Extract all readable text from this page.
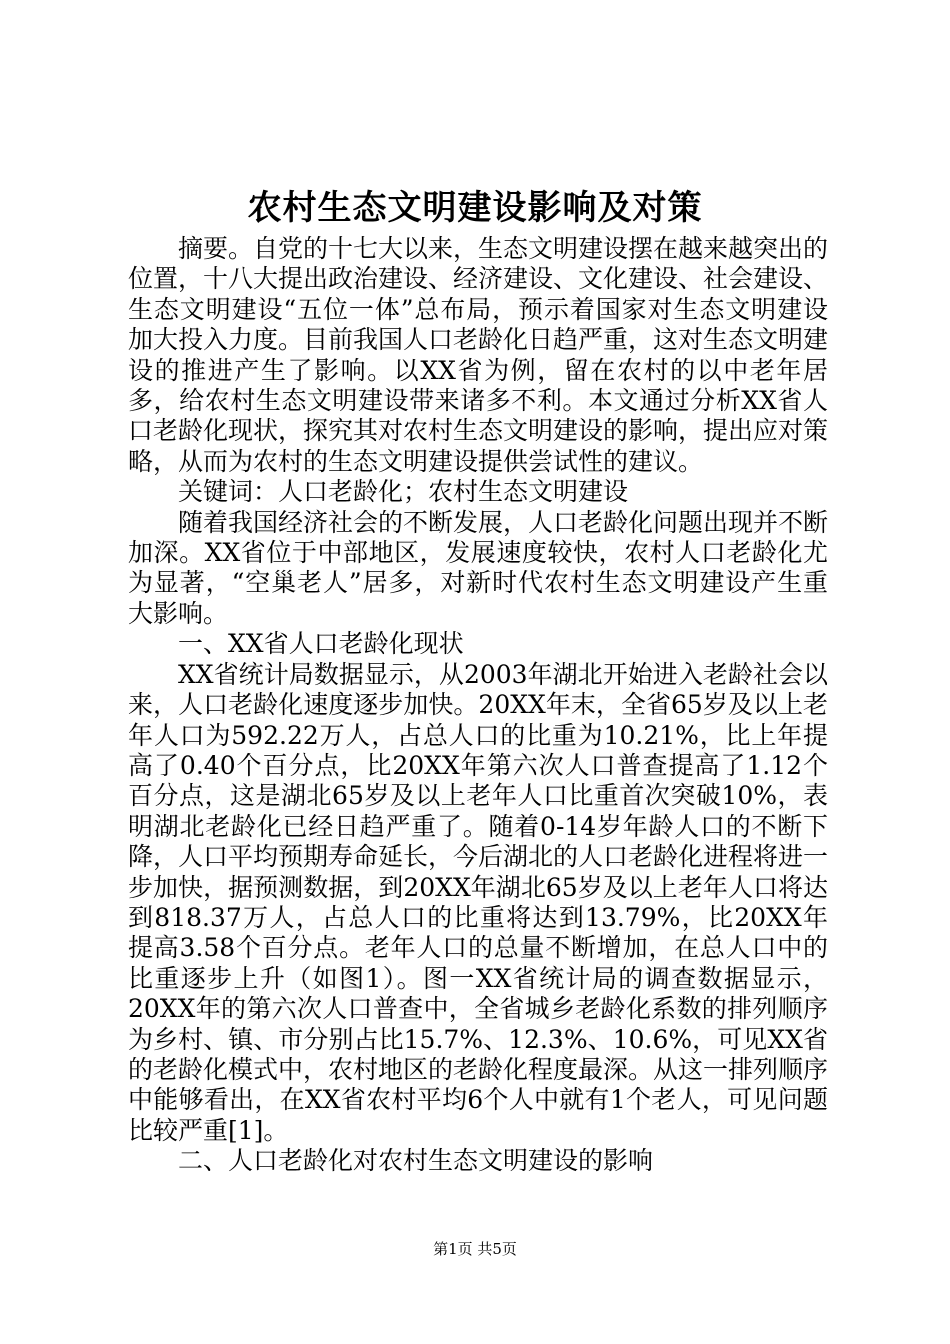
农村生态文明建设影响及对策

摘要。自党的十七大以来，生态文明建设摆在越来越突出的位置，十八大提出政治建设、经济建设、文化建设、社会建设、生态文明建设“五位一体”总布局，预示着国家对生态文明建设加大投入力度。目前我国人口老龄化日趋严重，这对生态文明建设的推进产生了影响。以XX省为例，留在农村的以中老年居多，给农村生态文明建设带来诸多不利。本文通过分析XX省人口老龄化现状，探究其对农村生态文明建设的影响，提出应对策略，从而为农村的生态文明建设提供尝试性的建议。

关键词：人口老龄化；农村生态文明建设

随着我国经济社会的不断发展，人口老龄化问题出现并不断加深。XX省位于中部地区，发展速度较快，农村人口老龄化尤为显著，“空巢老人”居多，对新时代农村生态文明建设产生重大影响。

一、XX省人口老龄化现状

XX省统计局数据显示，从2003年湖北开始进入老龄社会以来，人口老龄化速度逐步加快。20XX年末，全省65岁及以上老年人口为592.22万人，占总人口的比重为10.21%，比上年提高了0.40个百分点，比20XX年第六次人口普查提高了1.12个百分点，这是湖北65岁及以上老年人口比重首次突破10%，表明湖北老龄化已经日趋严重了。随着0-14岁年龄人口的不断下降，人口平均预期寿命延长，今后湖北的人口老龄化进程将进一步加快，据预测数据，到20XX年湖北65岁及以上老年人口将达到818.37万人，占总人口的比重将达到13.79%，比20XX年提高3.58个百分点。老年人口的总量不断增加，在总人口中的比重逐步上升（如图1）。图一XX省统计局的调查数据显示，20XX年的第六次人口普查中，全省城乡老龄化系数的排列顺序为乡村、镇、市分别占比15.7%、12.3%、10.6%，可见XX省的老龄化模式中，农村地区的老龄化程度最深。从这一排列顺序中能够看出，在XX省农村平均6个人中就有1个老人，可见问题比较严重[1]。

二、人口老龄化对农村生态文明建设的影响

第1页 共5页
